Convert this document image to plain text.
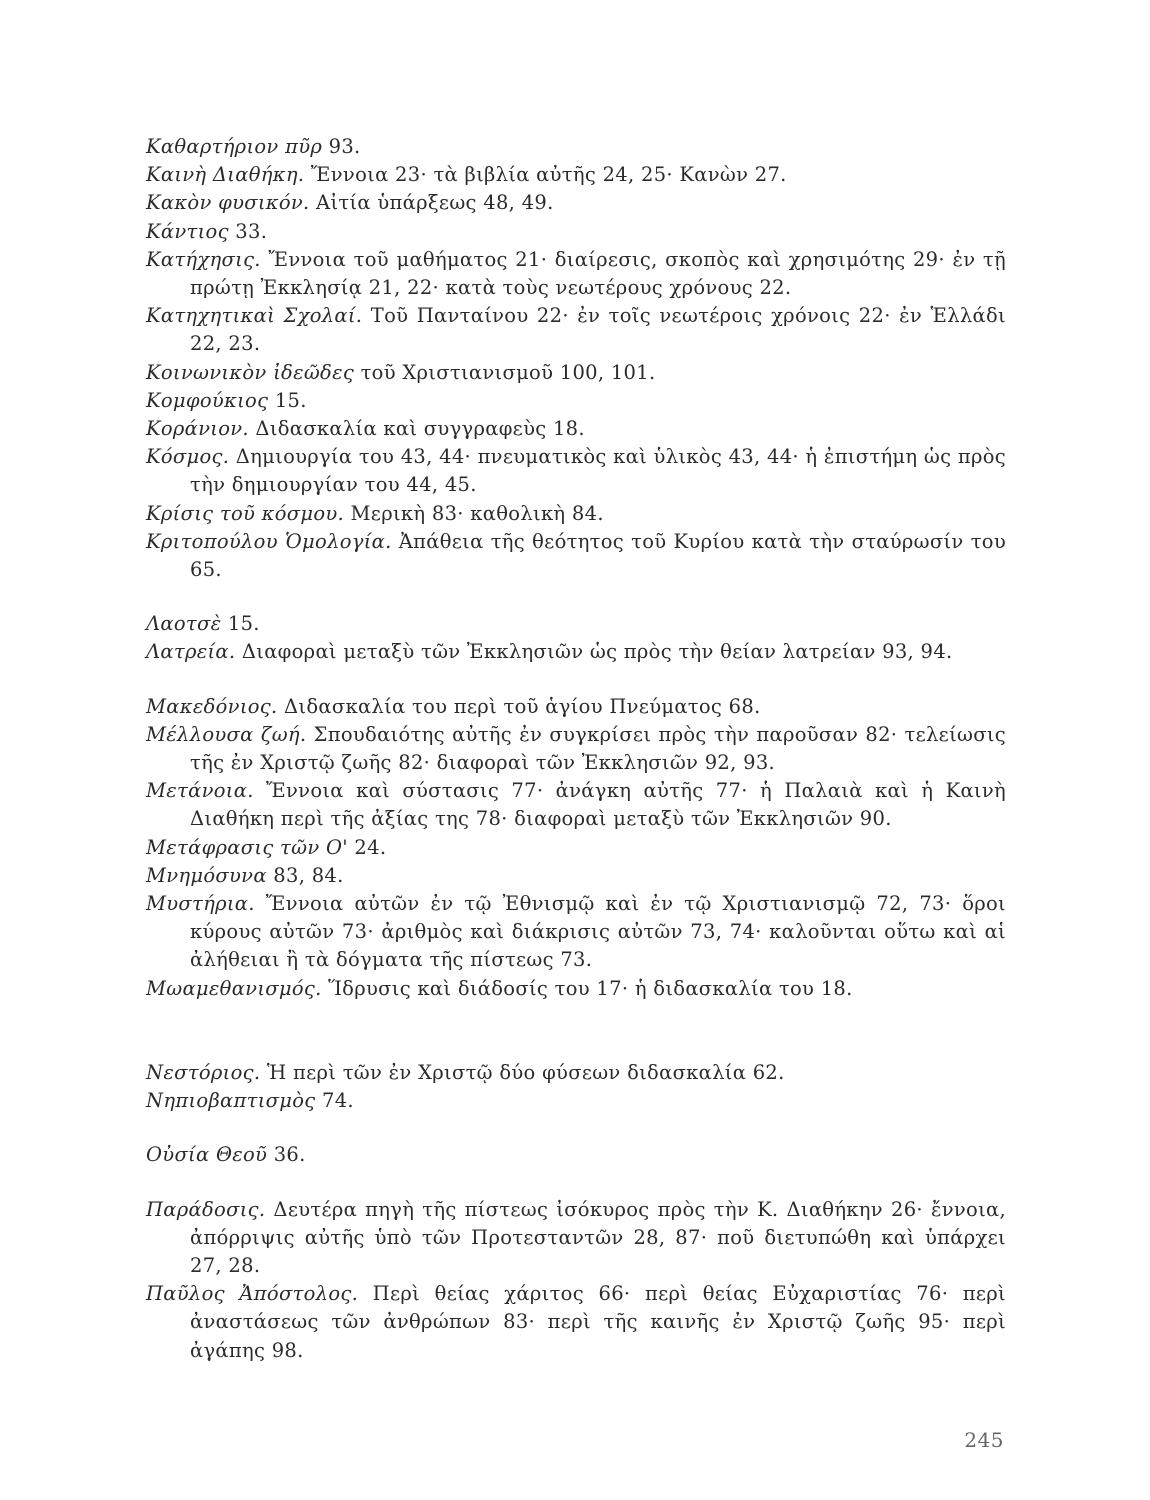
Καθαρτήριον πῦρ 93.

Καινὴ Διαθήκη. Ἔννοια 23· τὰ βιβλία αὐτῆς 24, 25· Κανὼν 27.

Κακὸν φυσικόν. Αἰτία ὑπάρξεως 48, 49.

Κάντιος 33.

Κατήχησις. Ἔννοια τοῦ μαθήματος 21· διαίρεσις, σκοπὸς καὶ χρησιμότης 29· ἐν τῇ πρώτῃ Ἐκκλησίᾳ 21, 22· κατὰ τοὺς νεωτέρους χρόνους 22.

Κατηχητικαὶ Σχολαί. Τοῦ Πανταίνου 22· ἐν τοῖς νεωτέροις χρόνοις 22· ἐν Ἑλλάδι 22, 23.

Κοινωνικὸν ἰδεῶδες τοῦ Χριστιανισμοῦ 100, 101.

Κομφούκιος 15.

Κοράνιον. Διδασκαλία καὶ συγγραφεὺς 18.

Κόσμος. Δημιουργία του 43, 44· πνευματικὸς καὶ ὑλικὸς 43, 44· ἡ ἐπιστήμη ὡς πρὸς τὴν δημιουργίαν του 44, 45.

Κρίσις τοῦ κόσμου. Μερικὴ 83· καθολικὴ 84.

Κριτοπούλου Ὁμολογία. Ἀπάθεια τῆς θεότητος τοῦ Κυρίου κατὰ τὴν σταύρωσίν του 65.

Λαοτσὲ 15.

Λατρεία. Διαφοραὶ μεταξὺ τῶν Ἐκκλησιῶν ὡς πρὸς τὴν θείαν λατρείαν 93, 94.

Μακεδόνιος. Διδασκαλία του περὶ τοῦ ἁγίου Πνεύματος 68.

Μέλλουσα ζωή. Σπουδαιότης αὐτῆς ἐν συγκρίσει πρὸς τὴν παροῦσαν 82· τελείωσις τῆς ἐν Χριστῷ ζωῆς 82· διαφοραὶ τῶν Ἐκκλησιῶν 92, 93.

Μετάνοια. Ἔννοια καὶ σύστασις 77· ἀνάγκη αὐτῆς 77· ἡ Παλαιὰ καὶ ἡ Καινὴ Διαθήκη περὶ τῆς ἀξίας της 78· διαφοραὶ μεταξὺ τῶν Ἐκκλησιῶν 90.

Μετάφρασις τῶν Ο' 24.

Μνημόσυνα 83, 84.

Μυστήρια. Ἔννοια αὐτῶν ἐν τῷ Ἐθνισμῷ καὶ ἐν τῷ Χριστιανισμῷ 72, 73· ὅροι κύρους αὐτῶν 73· ἀριθμὸς καὶ διάκρισις αὐτῶν 73, 74· καλοῦνται οὕτω καὶ αἱ ἀλήθειαι ἢ τὰ δόγματα τῆς πίστεως 73.

Μωαμεθανισμός. Ἵδρυσις καὶ διάδοσίς του 17· ἡ διδασκαλία του 18.

Νεστόριος. Ἡ περὶ τῶν ἐν Χριστῷ δύο φύσεων διδασκαλία 62.

Νηπιοβαπτισμὸς 74.

Οὐσία Θεοῦ 36.

Παράδοσις. Δευτέρα πηγὴ τῆς πίστεως ἰσόκυρος πρὸς τὴν Κ. Διαθήκην 26· ἔννοια, ἀπόρριψις αὐτῆς ὑπὸ τῶν Προτεσταντῶν 28, 87· ποῦ διετυπώθη καὶ ὑπάρχει 27, 28.

Παῦλος Ἀπόστολος. Περὶ θείας χάριτος 66· περὶ θείας Εὐχαριστίας 76· περὶ ἀναστάσεως τῶν ἀνθρώπων 83· περὶ τῆς καινῆς ἐν Χριστῷ ζωῆς 95· περὶ ἀγάπης 98.

245
